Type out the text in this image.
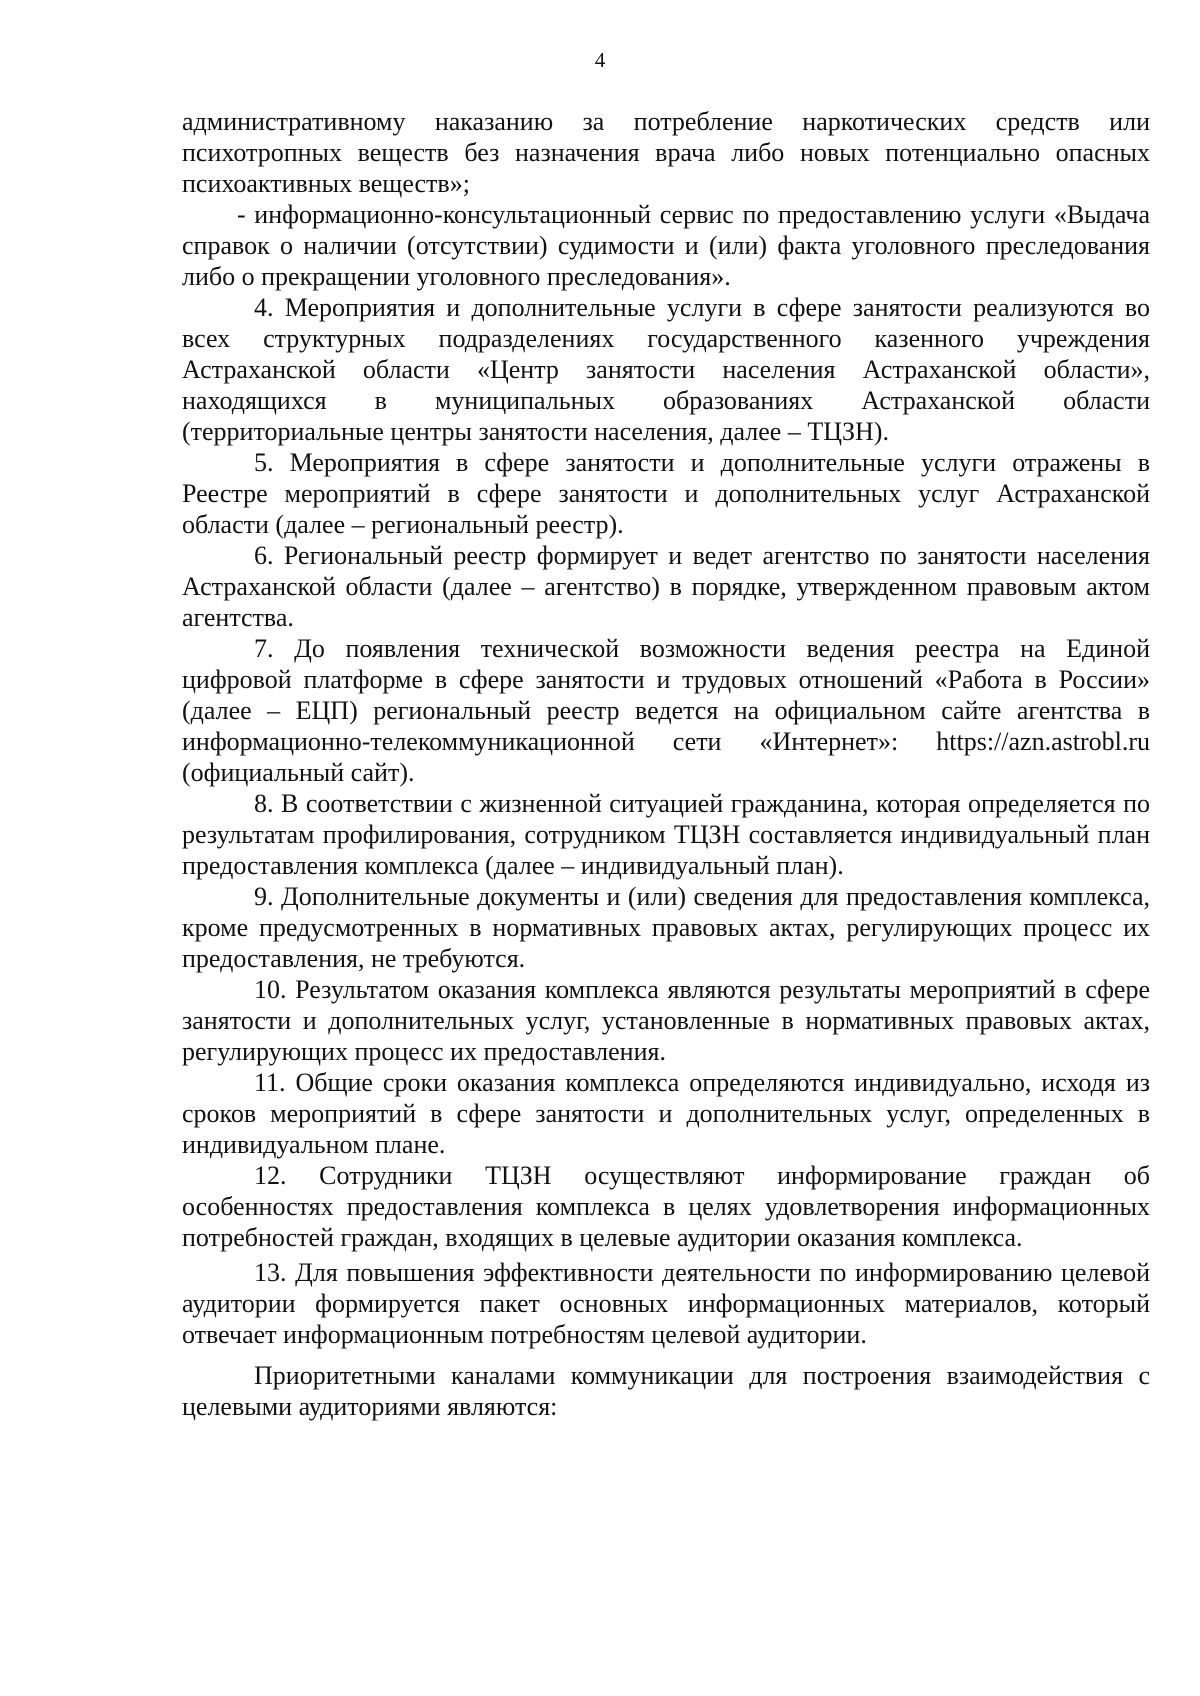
4

административному наказанию за потребление наркотических средств или психотропных веществ без назначения врача либо новых потенциально опасных психоактивных веществ»;

- информационно-консультационный сервис по предоставлению услуги «Выдача справок о наличии (отсутствии) судимости и (или) факта уголовного преследования либо о прекращении уголовного преследования».

4. Мероприятия и дополнительные услуги в сфере занятости реализуются во всех структурных подразделениях государственного казенного учреждения Астраханской области «Центр занятости населения Астраханской области», находящихся в муниципальных образованиях Астраханской области (территориальные центры занятости населения, далее – ТЦЗН).

5. Мероприятия в сфере занятости и дополнительные услуги отражены в Реестре мероприятий в сфере занятости и дополнительных услуг Астраханской области (далее – региональный реестр).

6. Региональный реестр формирует и ведет агентство по занятости населения Астраханской области (далее – агентство) в порядке, утвержденном правовым актом агентства.

7. До появления технической возможности ведения реестра на Единой цифровой платформе в сфере занятости и трудовых отношений «Работа в России» (далее – ЕЦП) региональный реестр ведется на официальном сайте агентства в информационно-телекоммуникационной сети «Интернет»: https://azn.astrobl.ru (официальный сайт).

8. В соответствии с жизненной ситуацией гражданина, которая определяется по результатам профилирования, сотрудником ТЦЗН составляется индивидуальный план предоставления комплекса (далее – индивидуальный план).

9. Дополнительные документы и (или) сведения для предоставления комплекса, кроме предусмотренных в нормативных правовых актах, регулирующих процесс их предоставления, не требуются.

10. Результатом оказания комплекса являются результаты мероприятий в сфере занятости и дополнительных услуг, установленные в нормативных правовых актах, регулирующих процесс их предоставления.

11. Общие сроки оказания комплекса определяются индивидуально, исходя из сроков мероприятий в сфере занятости и дополнительных услуг, определенных в индивидуальном плане.

12. Сотрудники ТЦЗН осуществляют информирование граждан об особенностях предоставления комплекса в целях удовлетворения информационных потребностей граждан, входящих в целевые аудитории оказания комплекса.

13. Для повышения эффективности деятельности по информированию целевой аудитории формируется пакет основных информационных материалов, который отвечает информационным потребностям целевой аудитории.

Приоритетными каналами коммуникации для построения взаимодействия с целевыми аудиториями являются:
